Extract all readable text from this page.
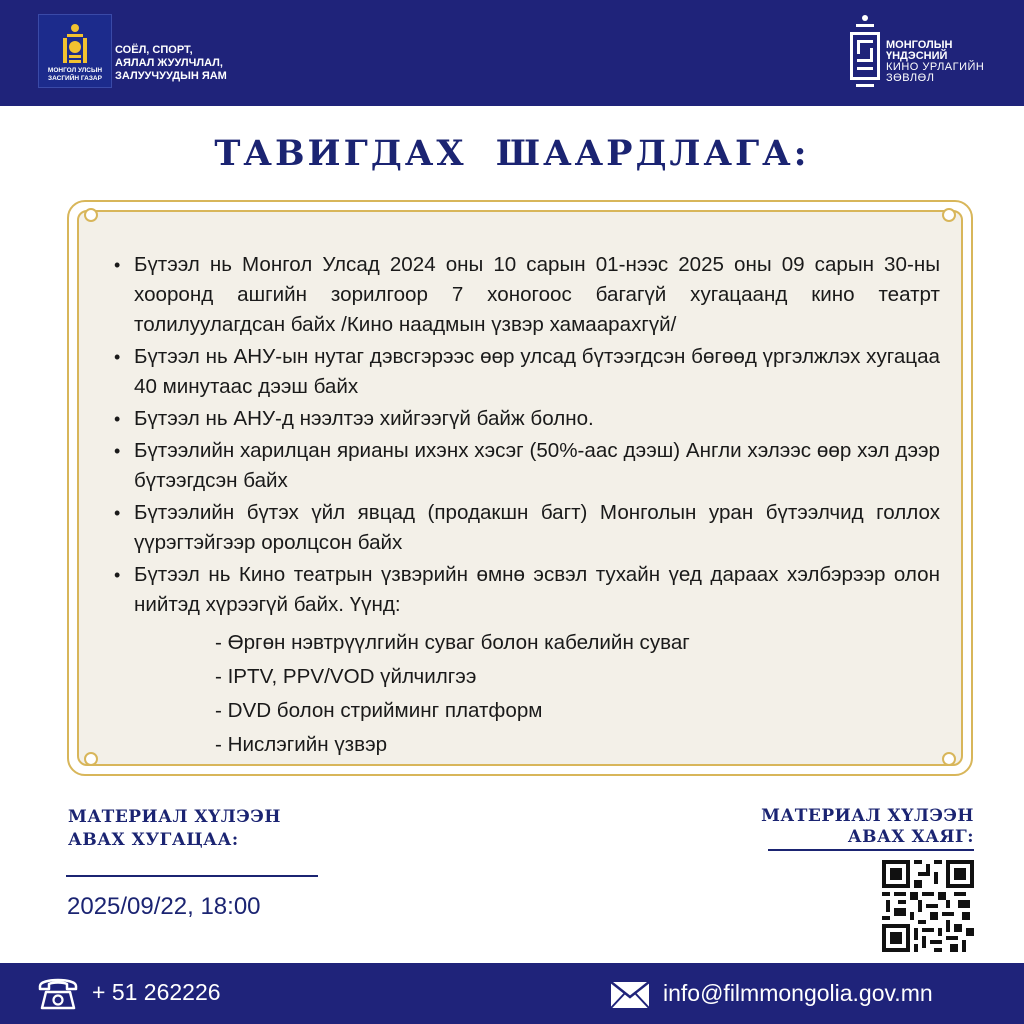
МОНГОЛ УЛСЫН ЗАСГИЙН ГАЗАР
СОЁЛ, СПОРТ,
АЯЛАЛ ЖУУЛЧЛАЛ,
ЗАЛУУЧУУДЫН ЯАМ
МОНГОЛЫН
ҮНДЭСНИЙ
КИНО УРЛАГИЙН
ЗӨВЛӨЛ
ТАВИГДАХ ШААРДЛАГА:
• Бүтээл нь Монгол Улсад 2024 оны 10 сарын 01-нээс 2025 оны 09 сарын 30-ны хооронд ашгийн зорилгоор 7 хоногоос багагүй хугацаанд кино театрт толилуулагдсан байх /Кино наадмын үзвэр хамаарахгүй/
• Бүтээл нь АНУ-ын нутаг дэвсгэрээс өөр улсад бүтээгдсэн бөгөөд үргэлжлэх хугацаа 40 минутаас дээш байх
• Бүтээл нь АНУ-д нээлтээ хийгээгүй байж болно.
• Бүтээлийн харилцан ярианы ихэнх хэсэг (50%-аас дээш) Англи хэлээс өөр хэл дээр бүтээгдсэн байх
• Бүтээлийн бүтэх үйл явцад (продакшн багт) Монголын уран бүтээлчид голлох үүрэгтэйгээр оролцсон байх
• Бүтээл нь Кино театрын үзвэрийн өмнө эсвэл тухайн үед дараах хэлбэрээр олон нийтэд хүрээгүй байх. Үүнд:
- Өргөн нэвтрүүлгийн суваг болон кабелийн суваг
- IPTV, PPV/VOD үйлчилгээ
- DVD болон стрийминг платформ
- Нислэгийн үзвэр
МАТЕРИАЛ ХҮЛЭЭН
АВАХ ХУГАЦАА:
2025/09/22, 18:00
МАТЕРИАЛ ХҮЛЭЭН
АВАХ ХАЯГ:
+ 51 262226	info@filmmongolia.gov.mn
